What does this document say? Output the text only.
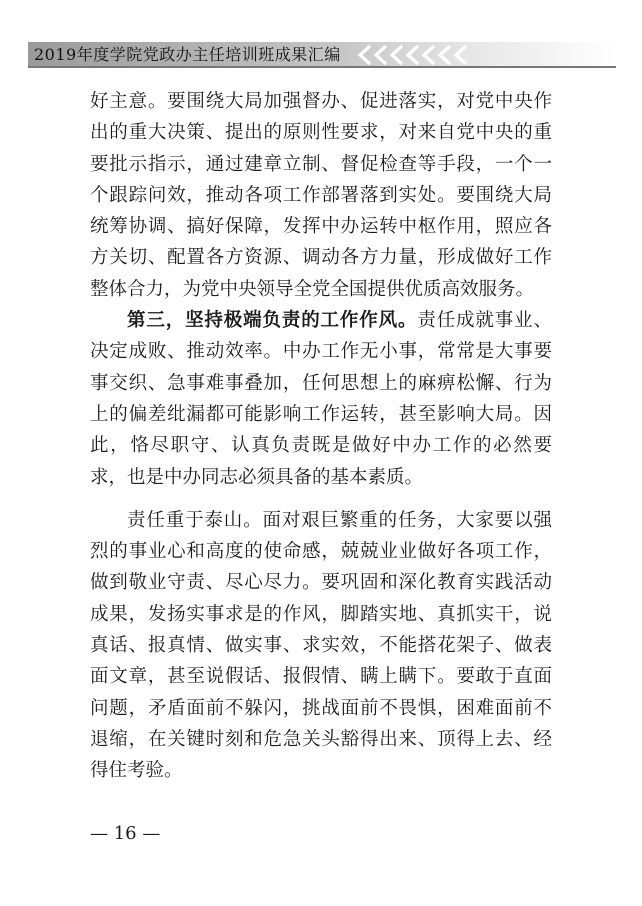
2019年度学院党政办主任培训班成果汇编

好主意。要围绕大局加强督办、促进落实，对党中央作出的重大决策、提出的原则性要求，对来自党中央的重要批示指示，通过建章立制、督促检查等手段，一个一个跟踪问效，推动各项工作部署落到实处。要围绕大局统筹协调、搞好保障，发挥中办运转中枢作用，照应各方关切、配置各方资源、调动各方力量，形成做好工作整体合力，为党中央领导全党全国提供优质高效服务。

第三，坚持极端负责的工作作风。责任成就事业、决定成败、推动效率。中办工作无小事，常常是大事要事交织、急事难事叠加，任何思想上的麻痹松懈、行为上的偏差纰漏都可能影响工作运转，甚至影响大局。因此，恪尽职守、认真负责既是做好中办工作的必然要求，也是中办同志必须具备的基本素质。

责任重于泰山。面对艰巨繁重的任务，大家要以强烈的事业心和高度的使命感，兢兢业业做好各项工作，做到敬业守责、尽心尽力。要巩固和深化教育实践活动成果，发扬实事求是的作风，脚踏实地、真抓实干，说真话、报真情、做实事、求实效，不能搭花架子、做表面文章，甚至说假话、报假情、瞒上瞒下。要敢于直面问题，矛盾面前不躲闪，挑战面前不畏惧，困难面前不退缩，在关键时刻和危急关头豁得出来、顶得上去、经得住考验。

— 16 —
